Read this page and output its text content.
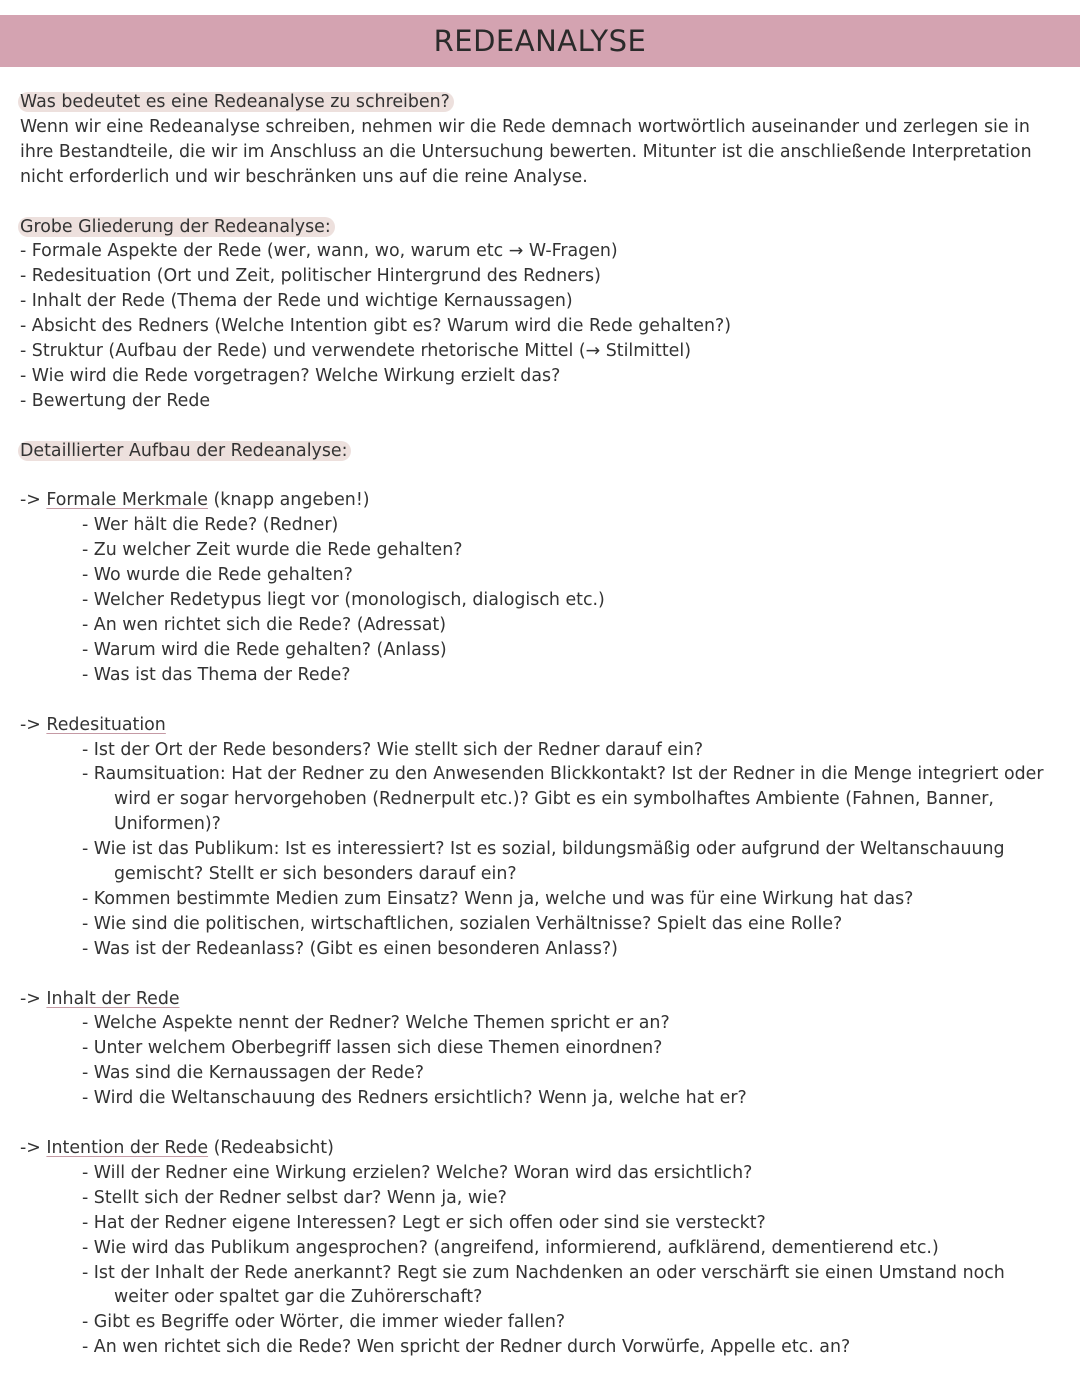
REDEANALYSE
Was bedeutet es eine Redeanalyse zu schreiben?
Wenn wir eine Redeanalyse schreiben, nehmen wir die Rede demnach wortwörtlich auseinander und zerlegen sie in ihre Bestandteile, die wir im Anschluss an die Untersuchung bewerten. Mitunter ist die anschließende Interpretation nicht erforderlich und wir beschränken uns auf die reine Analyse.
Grobe Gliederung der Redeanalyse:
- Formale Aspekte der Rede (wer, wann, wo, warum etc → W-Fragen)
- Redesituation (Ort und Zeit, politischer Hintergrund des Redners)
- Inhalt der Rede (Thema der Rede und wichtige Kernaussagen)
- Absicht des Redners (Welche Intention gibt es? Warum wird die Rede gehalten?)
- Struktur (Aufbau der Rede) und verwendete rhetorische Mittel (→ Stilmittel)
- Wie wird die Rede vorgetragen? Welche Wirkung erzielt das?
- Bewertung der Rede
Detaillierter Aufbau der Redeanalyse:
-> Formale Merkmale (knapp angeben!)
- Wer hält die Rede? (Redner)
- Zu welcher Zeit wurde die Rede gehalten?
- Wo wurde die Rede gehalten?
- Welcher Redetypus liegt vor (monologisch, dialogisch etc.)
- An wen richtet sich die Rede? (Adressat)
- Warum wird die Rede gehalten? (Anlass)
- Was ist das Thema der Rede?
-> Redesituation
- Ist der Ort der Rede besonders? Wie stellt sich der Redner darauf ein?
- Raumsituation: Hat der Redner zu den Anwesenden Blickkontakt? Ist der Redner in die Menge integriert oder
wird er sogar hervorgehoben (Rednerpult etc.)? Gibt es ein symbolhaftes Ambiente (Fahnen, Banner,
Uniformen)?
- Wie ist das Publikum: Ist es interessiert? Ist es sozial, bildungsmäßig oder aufgrund der Weltanschauung
gemischt? Stellt er sich besonders darauf ein?
- Kommen bestimmte Medien zum Einsatz? Wenn ja, welche und was für eine Wirkung hat das?
- Wie sind die politischen, wirtschaftlichen, sozialen Verhältnisse? Spielt das eine Rolle?
- Was ist der Redeanlass? (Gibt es einen besonderen Anlass?)
-> Inhalt der Rede
- Welche Aspekte nennt der Redner? Welche Themen spricht er an?
- Unter welchem Oberbegriff lassen sich diese Themen einordnen?
- Was sind die Kernaussagen der Rede?
- Wird die Weltanschauung des Redners ersichtlich? Wenn ja, welche hat er?
-> Intention der Rede (Redeabsicht)
- Will der Redner eine Wirkung erzielen? Welche? Woran wird das ersichtlich?
- Stellt sich der Redner selbst dar? Wenn ja, wie?
- Hat der Redner eigene Interessen? Legt er sich offen oder sind sie versteckt?
- Wie wird das Publikum angesprochen? (angreifend, informierend, aufklärend, dementierend etc.)
- Ist der Inhalt der Rede anerkannt? Regt sie zum Nachdenken an oder verschärft sie einen Umstand noch
weiter oder spaltet gar die Zuhörerschaft?
- Gibt es Begriffe oder Wörter, die immer wieder fallen?
- An wen richtet sich die Rede? Wen spricht der Redner durch Vorwürfe, Appelle etc. an?
